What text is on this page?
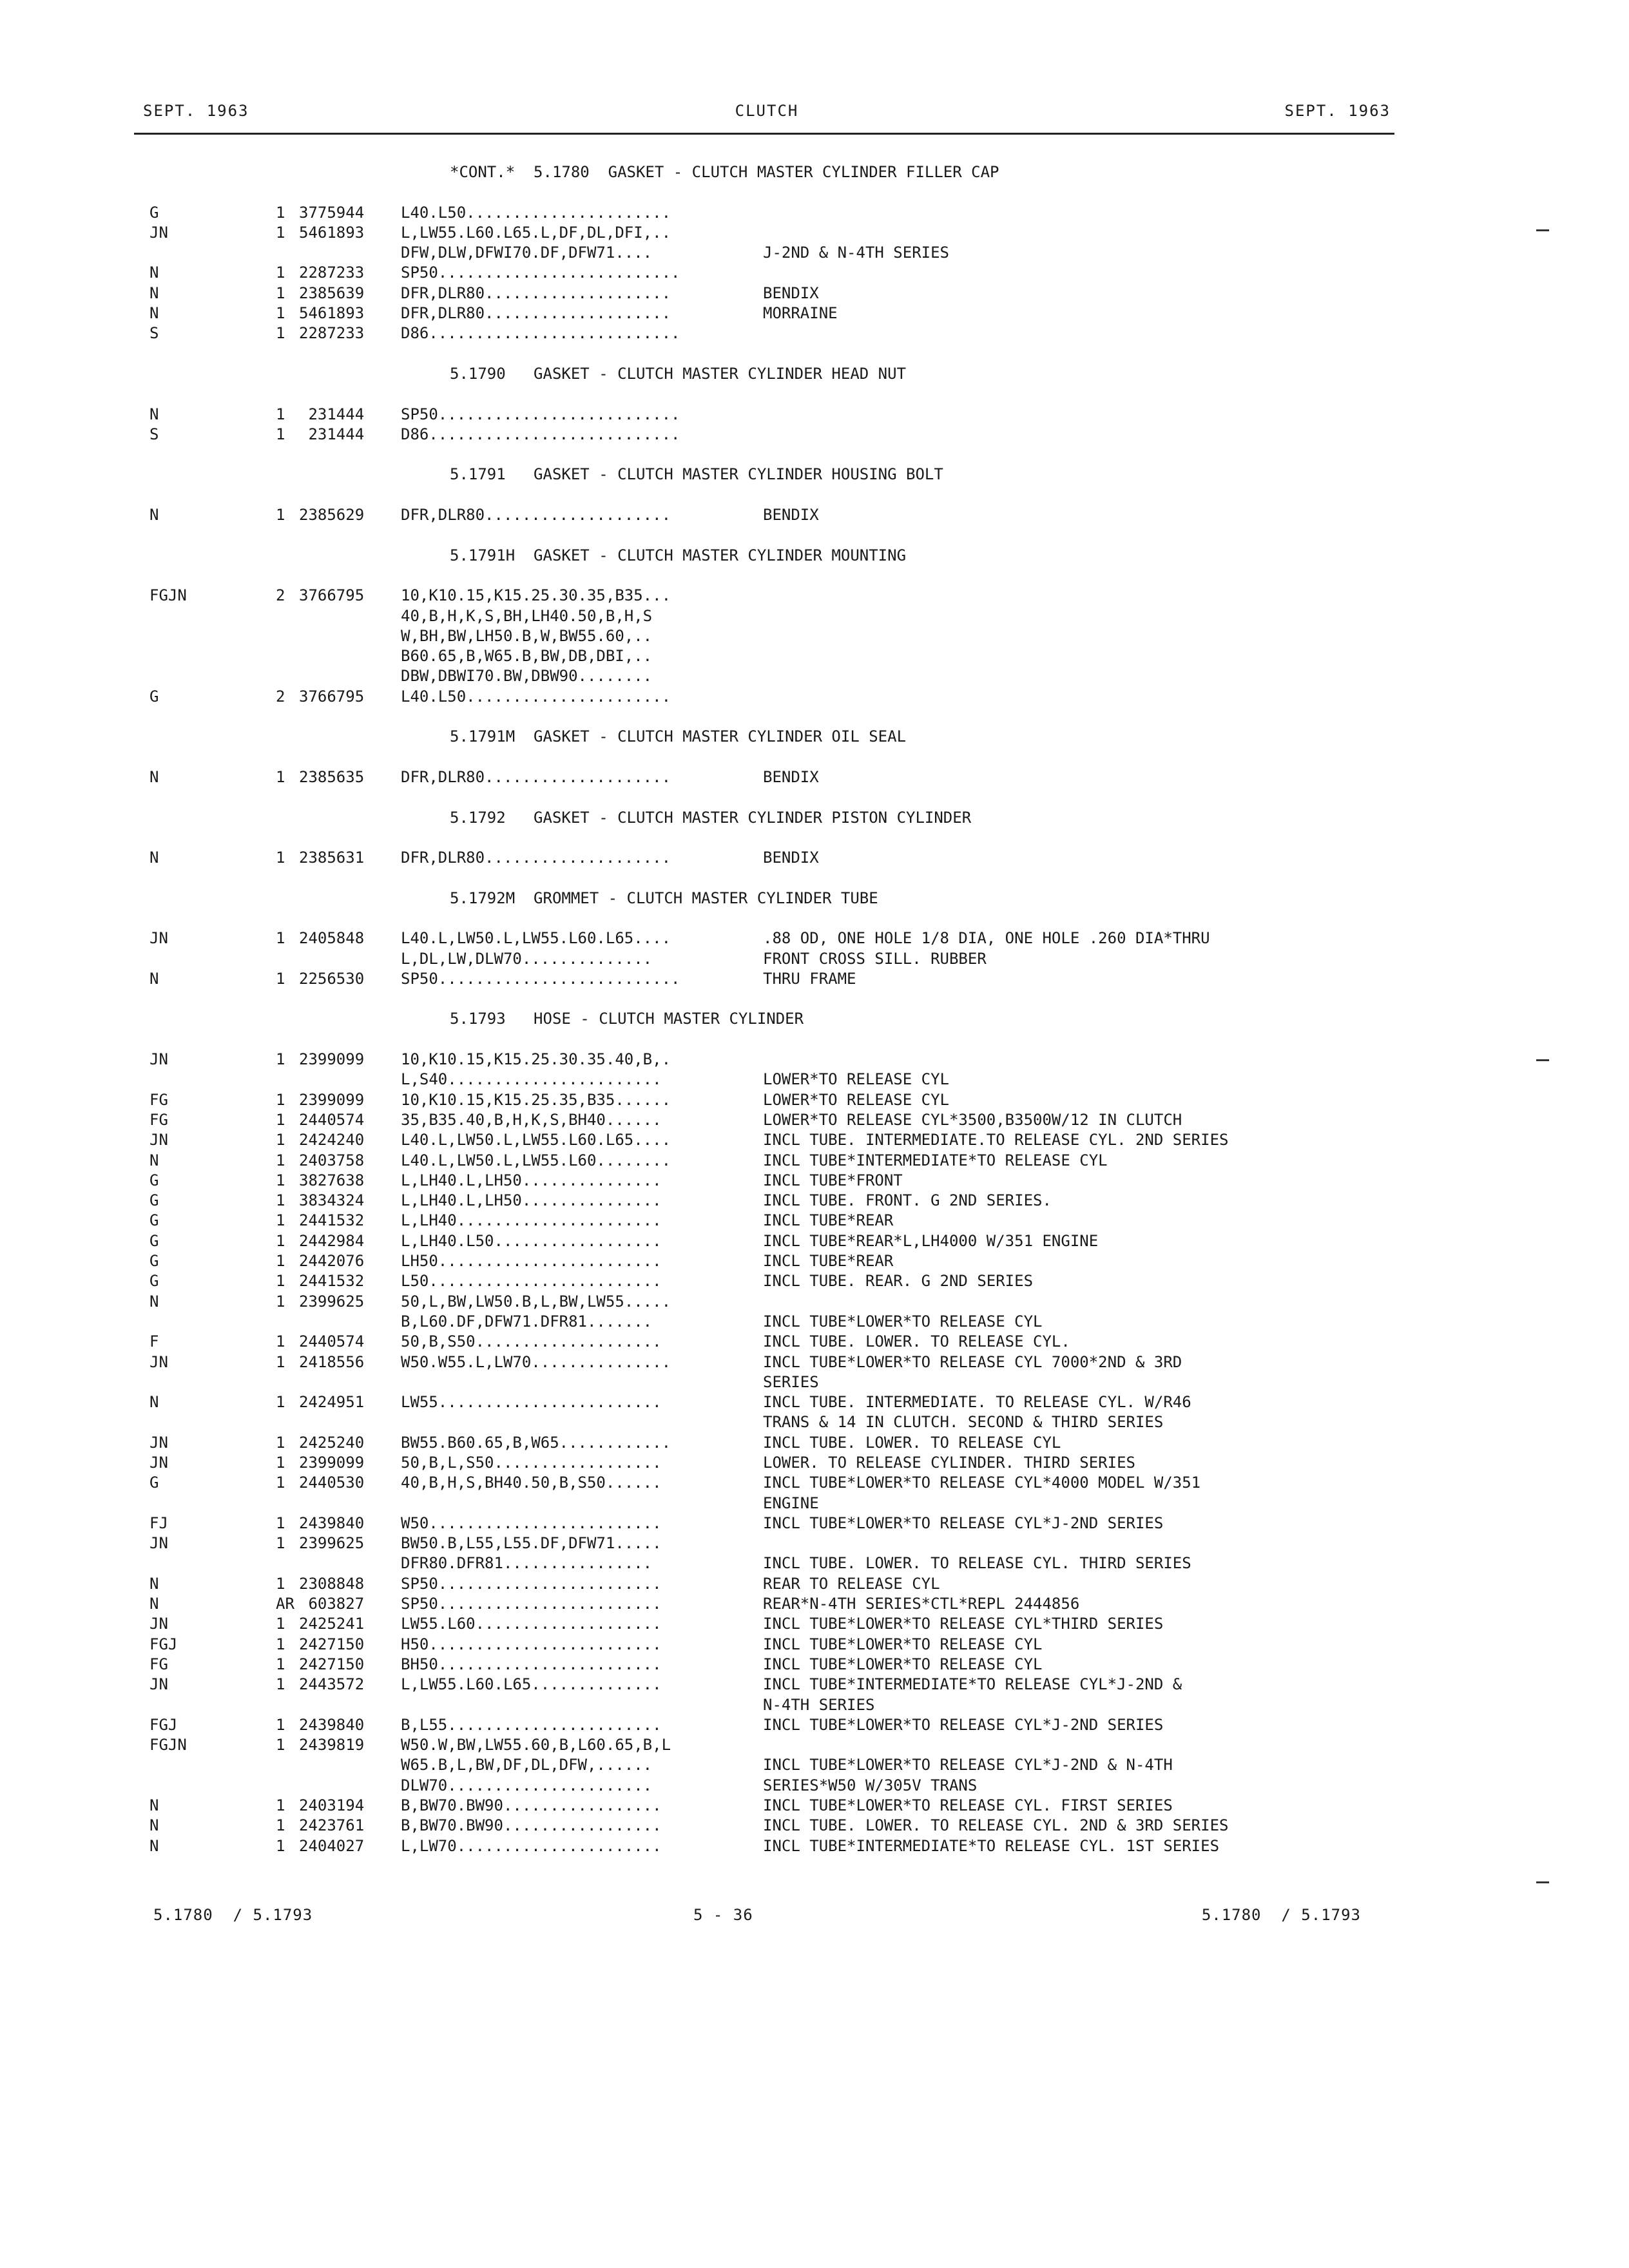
SEPT. 1963	CLUTCH	SEPT. 1963
*CONT.*  5.1780  GASKET - CLUTCH MASTER CYLINDER FILLER CAP
G	1 3775944 L40.L50......................
JN	1 5461893 L,LW55.L60.L65.L,DF,DL,DFI,..
DFW,DLW,DFWI70.DF,DFW71....	J-2ND & N-4TH SERIES
N	1 2287233 SP50..........................
N	1 2385639 DFR,DLR80....................	BENDIX
N	1 5461893 DFR,DLR80....................	MORRAINE
S	1 2287233 D86...........................
5.1790   GASKET - CLUTCH MASTER CYLINDER HEAD NUT
N	1 231444 SP50..........................
S	1 231444 D86...........................
5.1791   GASKET - CLUTCH MASTER CYLINDER HOUSING BOLT
N	1 2385629 DFR,DLR80....................	BENDIX
5.1791H  GASKET - CLUTCH MASTER CYLINDER MOUNTING
FGJN	2 3766795 10,K10.15,K15.25.30.35,B35...
40,B,H,K,S,BH,LH40.50,B,H,S
W,BH,BW,LH50.B,W,BW55.60,..
B60.65,B,W65.B,BW,DB,DBI,..
DBW,DBWI70.BW,DBW90........
G	2 3766795 L40.L50......................
5.1791M  GASKET - CLUTCH MASTER CYLINDER OIL SEAL
N	1 2385635 DFR,DLR80....................	BENDIX
5.1792   GASKET - CLUTCH MASTER CYLINDER PISTON CYLINDER
N	1 2385631 DFR,DLR80....................	BENDIX
5.1792M  GROMMET - CLUTCH MASTER CYLINDER TUBE
JN	1 2405848 L40.L,LW50.L,LW55.L60.L65....	.88 OD, ONE HOLE 1/8 DIA, ONE HOLE .260 DIA*THRU
L,DL,LW,DLW70..............	FRONT CROSS SILL. RUBBER
N	1 2256530 SP50..........................	THRU FRAME
5.1793   HOSE - CLUTCH MASTER CYLINDER
JN	1 2399099 10,K10.15,K15.25.30.35.40,B,.
L,S40.......................	LOWER*TO RELEASE CYL
FG	1 2399099 10,K10.15,K15.25.35,B35......	LOWER*TO RELEASE CYL
FG	1 2440574 35,B35.40,B,H,K,S,BH40......	LOWER*TO RELEASE CYL*3500,B3500W/12 IN CLUTCH
JN	1 2424240 L40.L,LW50.L,LW55.L60.L65....	INCL TUBE. INTERMEDIATE.TO RELEASE CYL. 2ND SERIES
N	1 2403758 L40.L,LW50.L,LW55.L60........	INCL TUBE*INTERMEDIATE*TO RELEASE CYL
G	1 3827638 L,LH40.L,LH50...............	INCL TUBE*FRONT
G	1 3834324 L,LH40.L,LH50...............	INCL TUBE. FRONT. G 2ND SERIES.
G	1 2441532 L,LH40......................	INCL TUBE*REAR
G	1 2442984 L,LH40.L50..................	INCL TUBE*REAR*L,LH4000 W/351 ENGINE
G	1 2442076 LH50........................	INCL TUBE*REAR
G	1 2441532 L50.........................	INCL TUBE. REAR. G 2ND SERIES
N	1 2399625 50,L,BW,LW50.B,L,BW,LW55.....
B,L60.DF,DFW71.DFR81.......	INCL TUBE*LOWER*TO RELEASE CYL
F	1 2440574 50,B,S50....................	INCL TUBE. LOWER. TO RELEASE CYL.
JN	1 2418556 W50.W55.L,LW70...............	INCL TUBE*LOWER*TO RELEASE CYL 7000*2ND & 3RD
SERIES
N	1 2424951 LW55........................	INCL TUBE. INTERMEDIATE. TO RELEASE CYL. W/R46
TRANS & 14 IN CLUTCH. SECOND & THIRD SERIES
JN	1 2425240 BW55.B60.65,B,W65............	INCL TUBE. LOWER. TO RELEASE CYL
JN	1 2399099 50,B,L,S50..................	LOWER. TO RELEASE CYLINDER. THIRD SERIES
G	1 2440530 40,B,H,S,BH40.50,B,S50......	INCL TUBE*LOWER*TO RELEASE CYL*4000 MODEL W/351
ENGINE
FJ	1 2439840 W50.........................	INCL TUBE*LOWER*TO RELEASE CYL*J-2ND SERIES
JN	1 2399625 BW50.B,L55,L55.DF,DFW71.....
DFR80.DFR81................	INCL TUBE. LOWER. TO RELEASE CYL. THIRD SERIES
N	1 2308848 SP50........................	REAR TO RELEASE CYL
N	AR 603827 SP50........................	REAR*N-4TH SERIES*CTL*REPL 2444856
JN	1 2425241 LW55.L60....................	INCL TUBE*LOWER*TO RELEASE CYL*THIRD SERIES
FGJ	1 2427150 H50.........................	INCL TUBE*LOWER*TO RELEASE CYL
FG	1 2427150 BH50........................	INCL TUBE*LOWER*TO RELEASE CYL
JN	1 2443572 L,LW55.L60.L65..............	INCL TUBE*INTERMEDIATE*TO RELEASE CYL*J-2ND &
N-4TH SERIES
FGJ	1 2439840 B,L55.......................	INCL TUBE*LOWER*TO RELEASE CYL*J-2ND SERIES
FGJN	1 2439819 W50.W,BW,LW55.60,B,L60.65,B,L
W65.B,L,BW,DF,DL,DFW,......	INCL TUBE*LOWER*TO RELEASE CYL*J-2ND & N-4TH
DLW70......................	SERIES*W50 W/305V TRANS
N	1 2403194 B,BW70.BW90.................	INCL TUBE*LOWER*TO RELEASE CYL. FIRST SERIES
N	1 2423761 B,BW70.BW90.................	INCL TUBE. LOWER. TO RELEASE CYL. 2ND & 3RD SERIES
N	1 2404027 L,LW70......................	INCL TUBE*INTERMEDIATE*TO RELEASE CYL. 1ST SERIES
5.1780  / 5.1793	5 - 36	5.1780  / 5.1793
